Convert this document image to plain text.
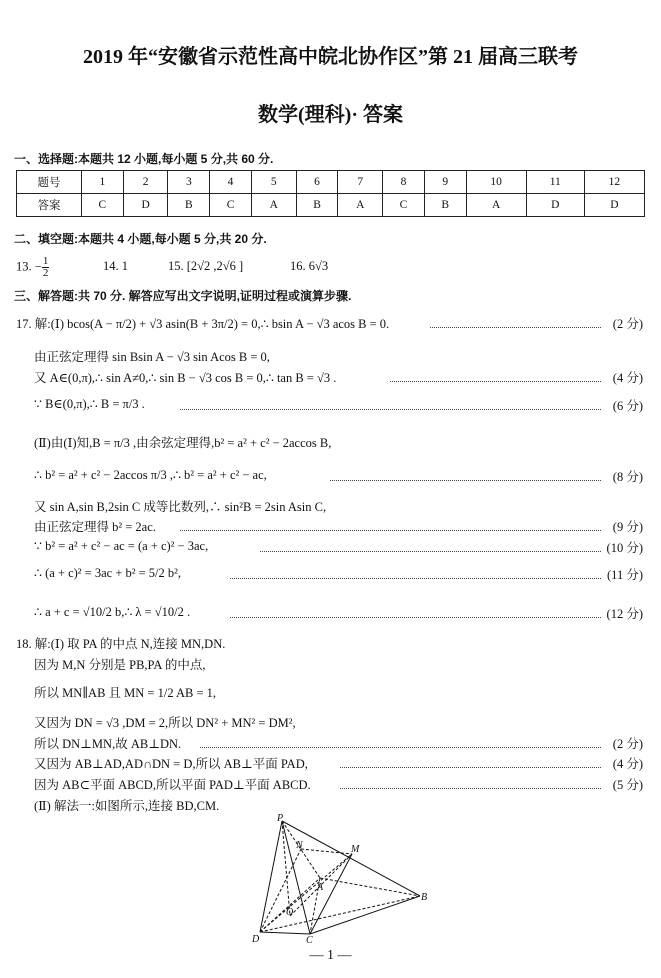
2019 年“安徽省示范性高中皖北协作区”第 21 届高三联考
数学(理科)· 答案
一、选择题:本题共 12 小题,每小题 5 分,共 60 分.
题号	1	2	3	4	5	6	7	8	9	10	11	12
答案	C	D	B	C	A	B	A	C	B	A	D	D
二、填空题:本题共 4 小题,每小题 5 分,共 20 分.
13. − $\frac{1}{2}$	14. 1	15. [2√2 ,2√6 ]	16. 6√3
三、解答题:共 70 分. 解答应写出文字说明,证明过程或演算步骤.
17. 解:(Ⅰ) bcos(A − π/2) + √3 asin(B + 3π/2) = 0,∴ bsin A − √3 acos B = 0.	(2 分)
由正弦定理得 sin Bsin A − √3 sin Acos B = 0,
又 A∈(0,π),∴ sin A≠0,∴ sin B − √3 cos B = 0,∴ tan B = √3 .	(4 分)
∵ B∈(0,π),∴ B = π/3 .	(6 分)
(Ⅱ)由(Ⅰ)知,B = π/3 ,由余弦定理得,b² = a² + c² − 2accos B,
∴ b² = a² + c² − 2accos π/3 ,∴ b² = a² + c² − ac,	(8 分)
又 sin A,sin B,2sin C 成等比数列,∴ sin²B = 2sin Asin C,
由正弦定理得 b² = 2ac.	(9 分)
∵ b² = a² + c² − ac = (a + c)² − 3ac,	(10 分)
∴ (a + c)² = 3ac + b² = 5/2 b²,	(11 分)
∴ a + c = √10/2 b,∴ λ = √10/2 .	(12 分)
18. 解:(Ⅰ) 取 PA 的中点 N,连接 MN,DN.
因为 M,N 分别是 PB,PA 的中点,
所以 MN∥AB 且 MN = 1/2 AB = 1,
又因为 DN = √3 ,DM = 2,所以 DN² + MN² = DM²,
所以 DN⊥MN,故 AB⊥DN.	(2 分)
又因为 AB⊥AD,AD∩DN = D,所以 AB⊥平面 PAD,	(4 分)
因为 AB⊂平面 ABCD,所以平面 PAD⊥平面 ABCD.	(5 分)
(Ⅱ) 解法一:如图所示,连接 BD,CM.
P
N	M
A
B
O
D	C
— 1 —
